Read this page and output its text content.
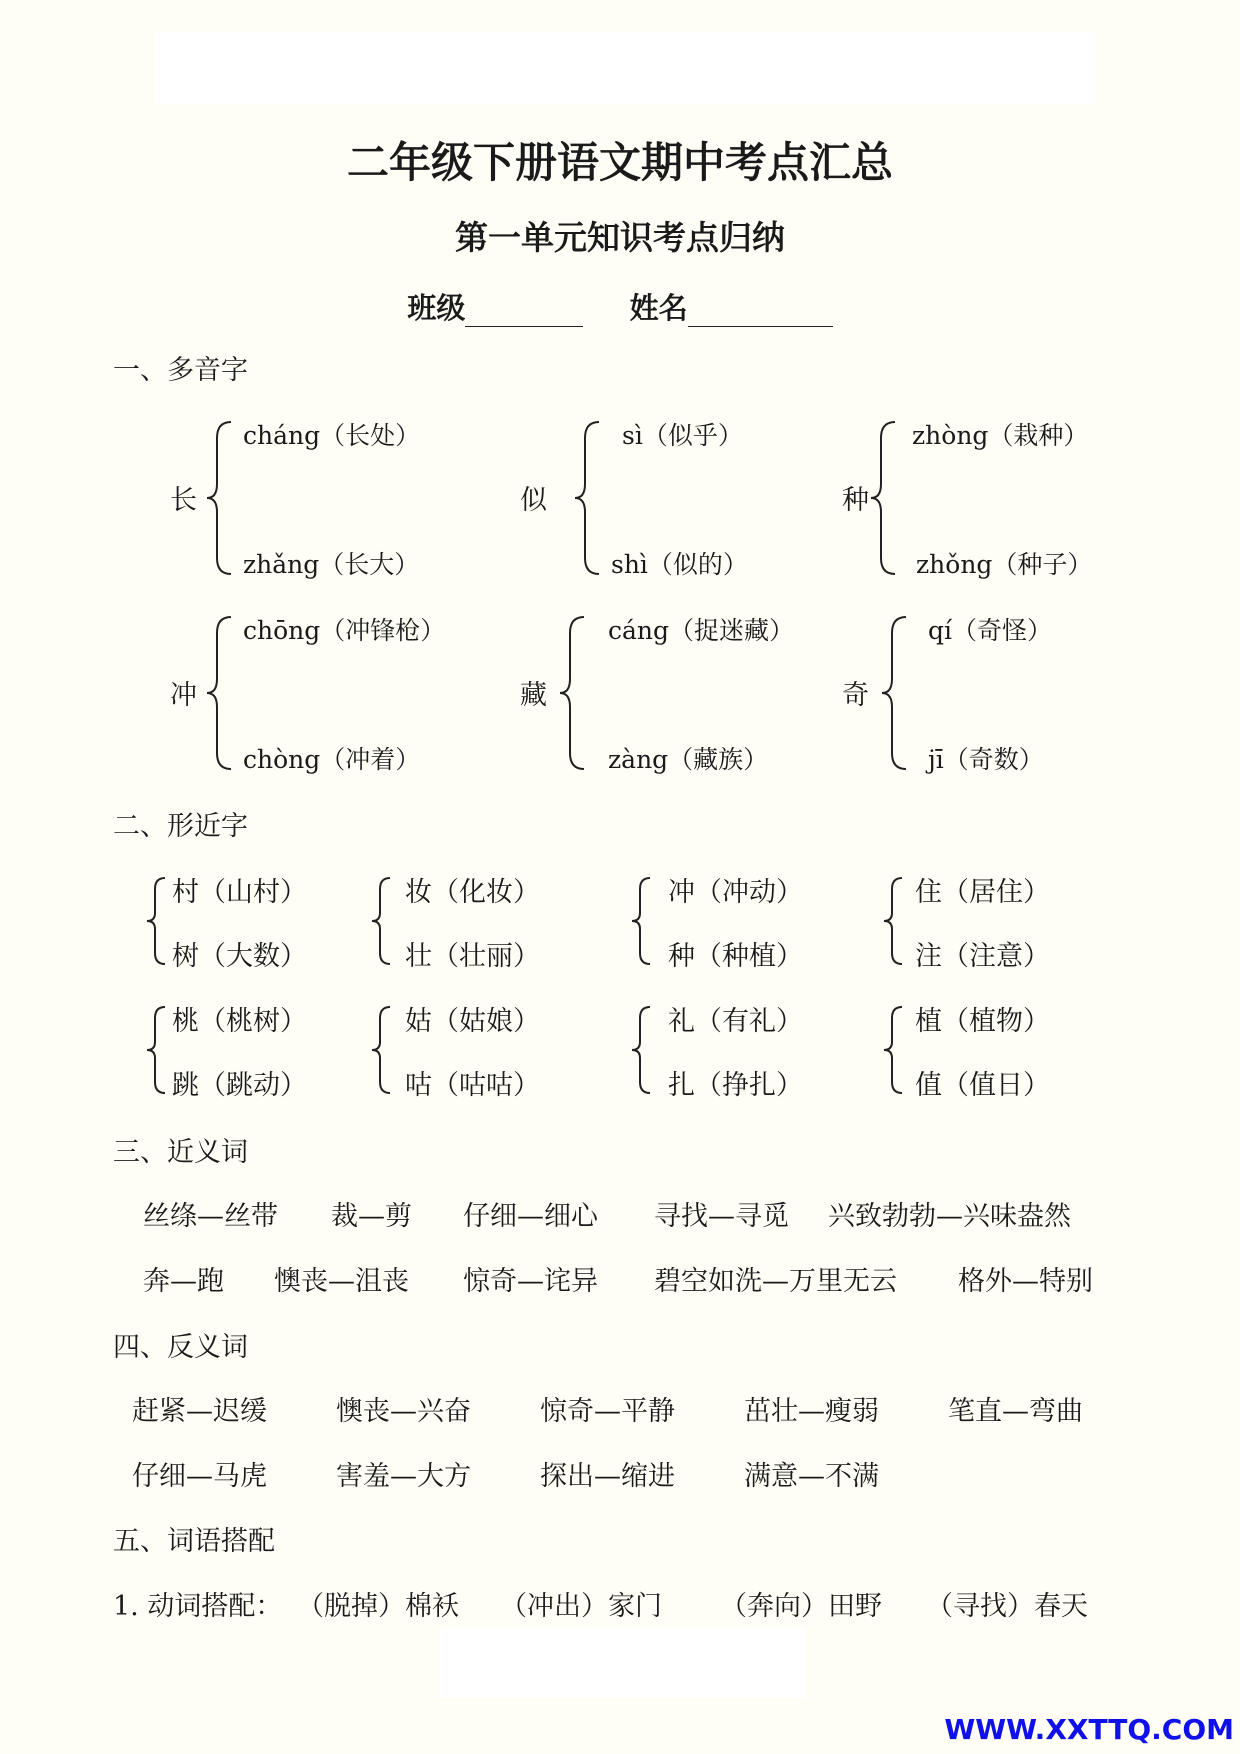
二年级下册语文期中考点汇总
第一单元知识考点归纳
班级	姓名
一、多音字
长
cháng（长处）
zhǎng（长大）
似
sì（似乎）
shì（似的）
种
zhòng（栽种）
zhǒng（种子）
冲
chōng（冲锋枪）
chòng（冲着）
藏
cáng（捉迷藏）
zàng（藏族）
奇
qí（奇怪）
jī（奇数）
二、形近字
村（山村）
树（大数）
妆（化妆）
壮（壮丽）
冲（冲动）
种（种植）
住（居住）
注（注意）
桃（桃树）
跳（跳动）
姑（姑娘）
咕（咕咕）
礼（有礼）
扎（挣扎）
植（植物）
值（值日）
三、近义词
丝绦—丝带 裁—剪 仔细—细心 寻找—寻觅 兴致勃勃—兴味盎然
奔—跑 懊丧—沮丧 惊奇—诧异 碧空如洗—万里无云 格外—特别
四、反义词
赶紧—迟缓	懊丧—兴奋	惊奇—平静	茁壮—瘦弱	笔直—弯曲
仔细—马虎	害羞—大方	探出—缩进	满意—不满
五、词语搭配
1. 动词搭配： （脱掉）棉袄 （冲出）家门 （奔向）田野 （寻找）春天
WWW.XXTTQ.COM
